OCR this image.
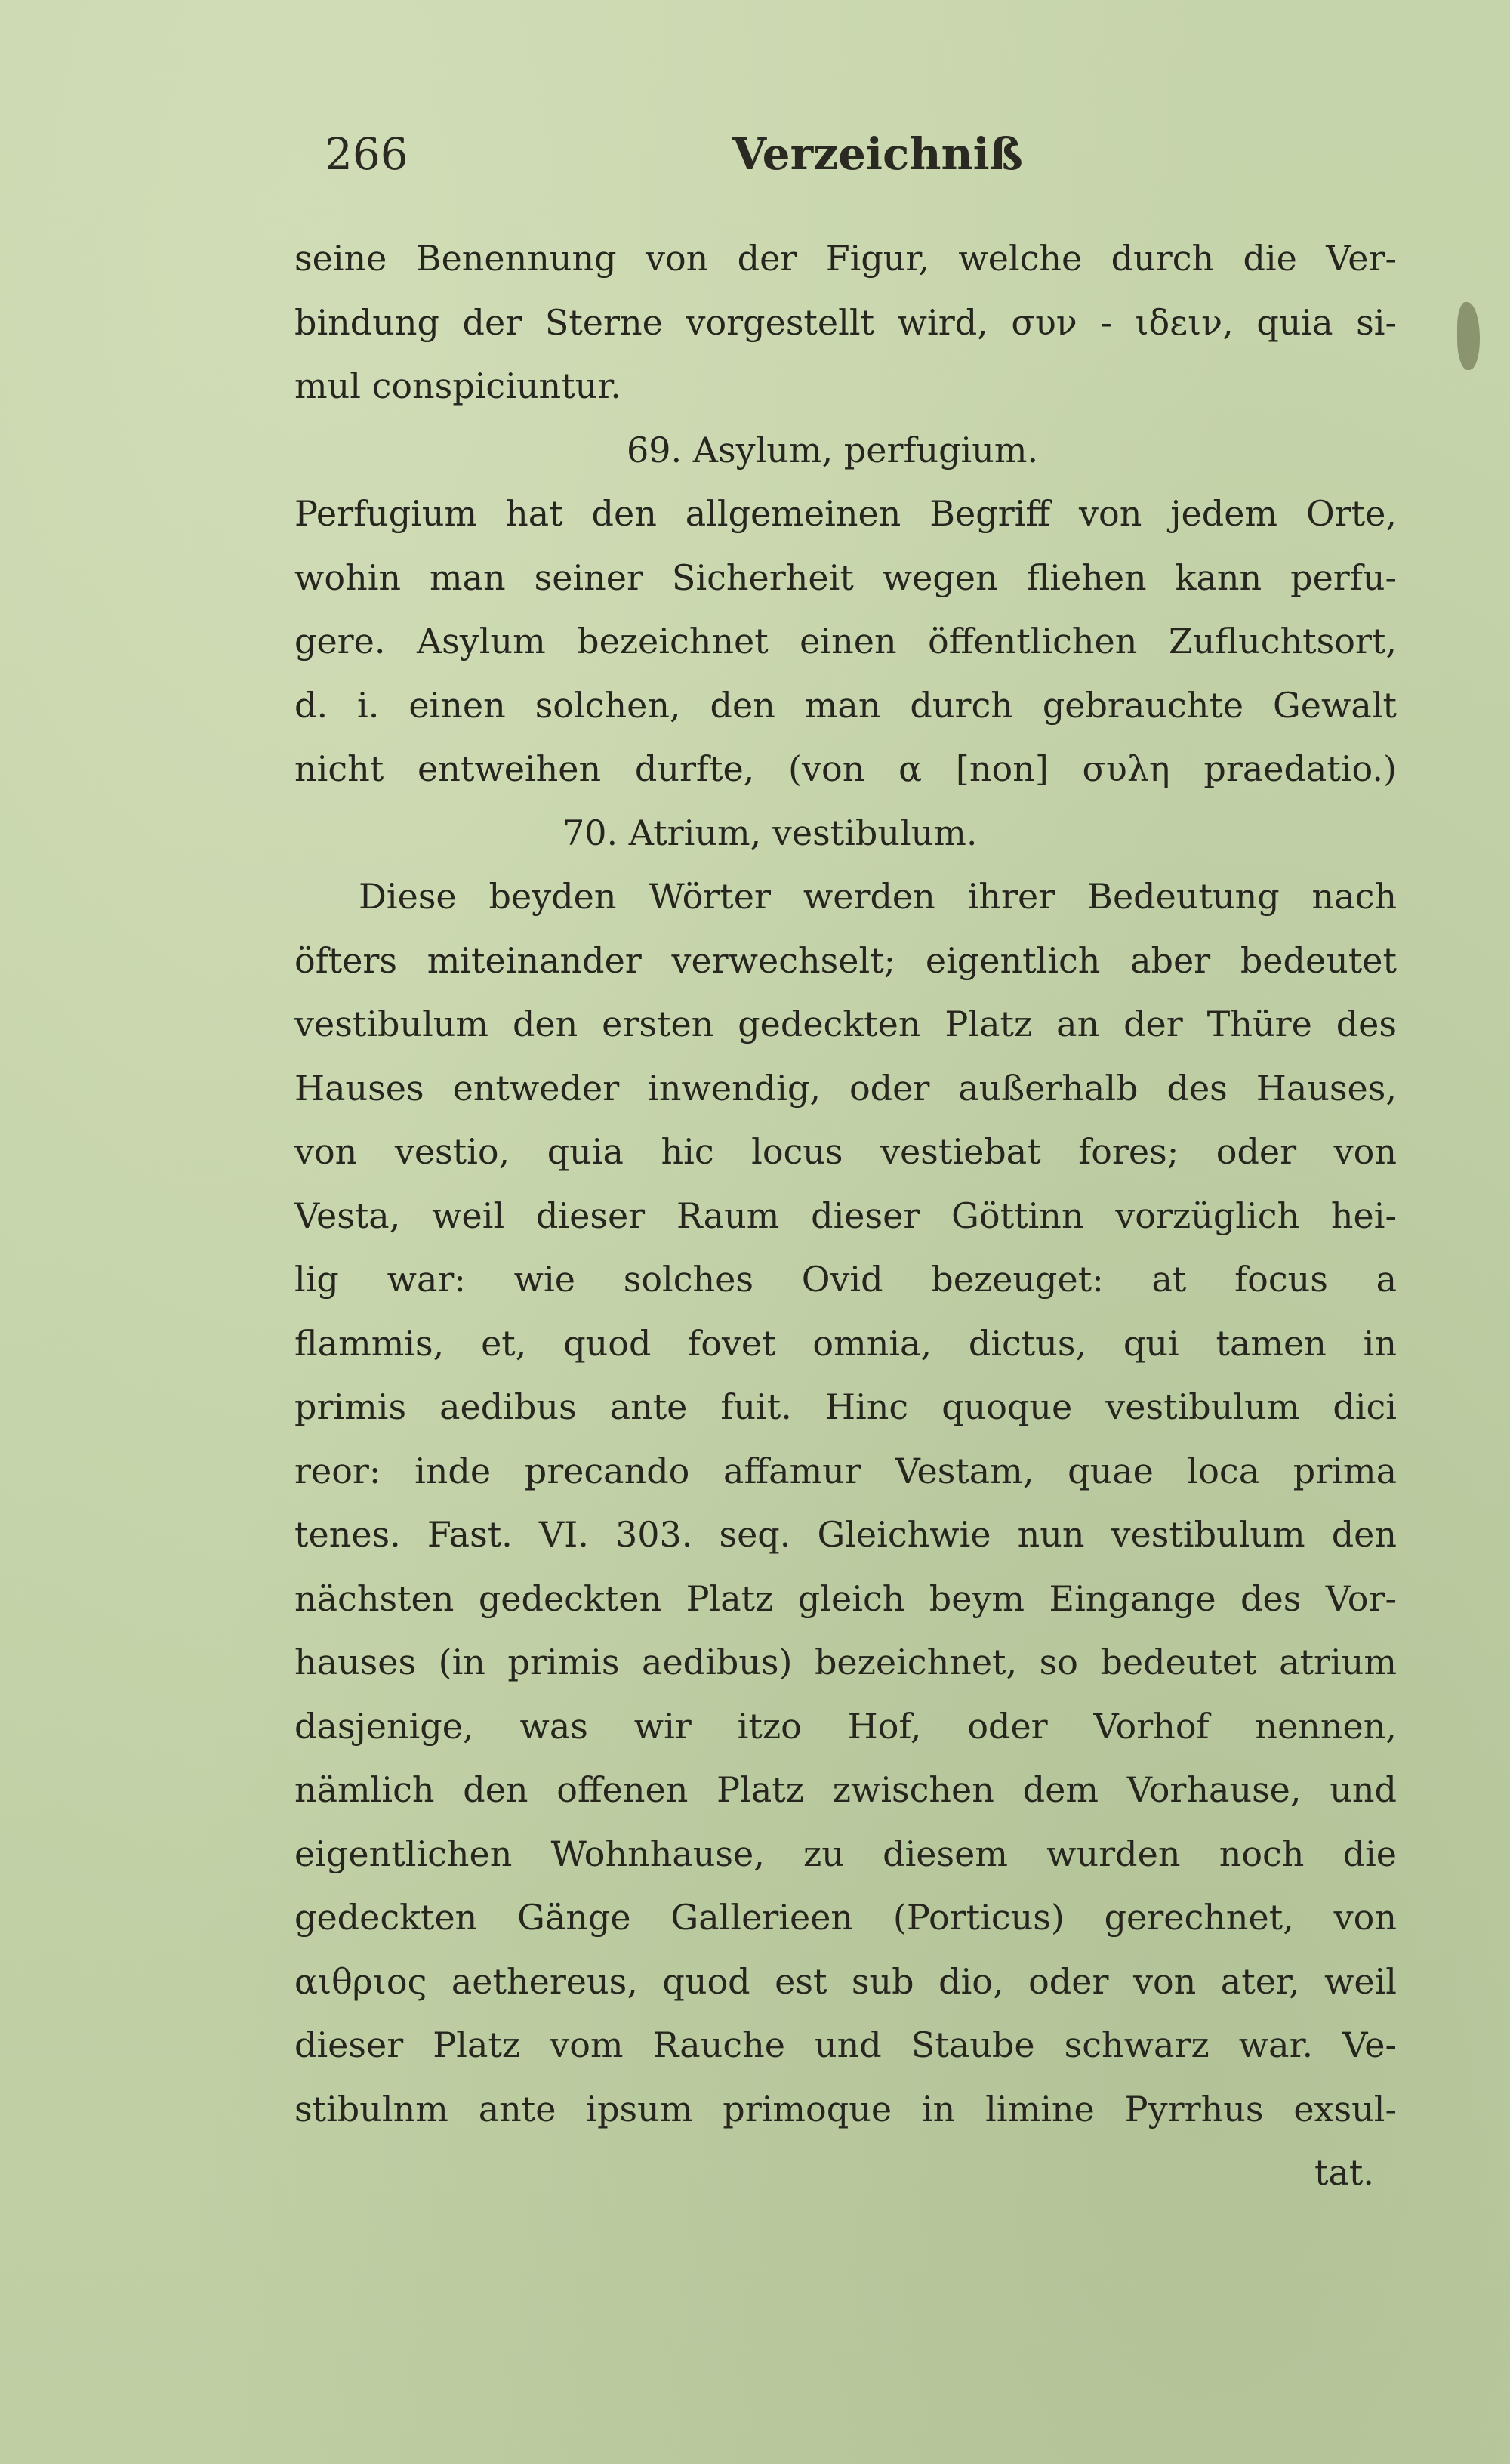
266	Verzeichniß
seine Benennung von der Figur, welche durch die Ver-
bindung der Sterne vorgestellt wird, συν - ιδειν, quia si-
mul conspiciuntur.
69. Asylum, perfugium.
Perfugium hat den allgemeinen Begriff von jedem Orte,
wohin man seiner Sicherheit wegen fliehen kann perfu-
gere. Asylum bezeichnet einen öffentlichen Zufluchtsort,
d. i. einen solchen, den man durch gebrauchte Gewalt
nicht entweihen durfte, (von α [non] συλη praedatio.)
70. Atrium, vestibulum.
Diese beyden Wörter werden ihrer Bedeutung nach
öfters miteinander verwechselt; eigentlich aber bedeutet
vestibulum den ersten gedeckten Platz an der Thüre des
Hauses entweder inwendig, oder außerhalb des Hauses,
von vestio, quia hic locus vestiebat fores; oder von
Vesta, weil dieser Raum dieser Göttinn vorzüglich hei-
lig war: wie solches Ovid bezeuget: at focus a
flammis, et, quod fovet omnia, dictus, qui tamen in
primis aedibus ante fuit. Hinc quoque vestibulum dici
reor: inde precando affamur Vestam, quae loca prima
tenes. Fast. VI. 303. seq. Gleichwie nun vestibulum den
nächsten gedeckten Platz gleich beym Eingange des Vor-
hauses (in primis aedibus) bezeichnet, so bedeutet atrium
dasjenige, was wir itzo Hof, oder Vorhof nennen,
nämlich den offenen Platz zwischen dem Vorhause, und
eigentlichen Wohnhause, zu diesem wurden noch die
gedeckten Gänge Gallerieen (Porticus) gerechnet, von
αιθριος aethereus, quod est sub dio, oder von ater, weil
dieser Platz vom Rauche und Staube schwarz war. Ve-
stibulnm ante ipsum primoque in limine Pyrrhus exsul-
tat.
